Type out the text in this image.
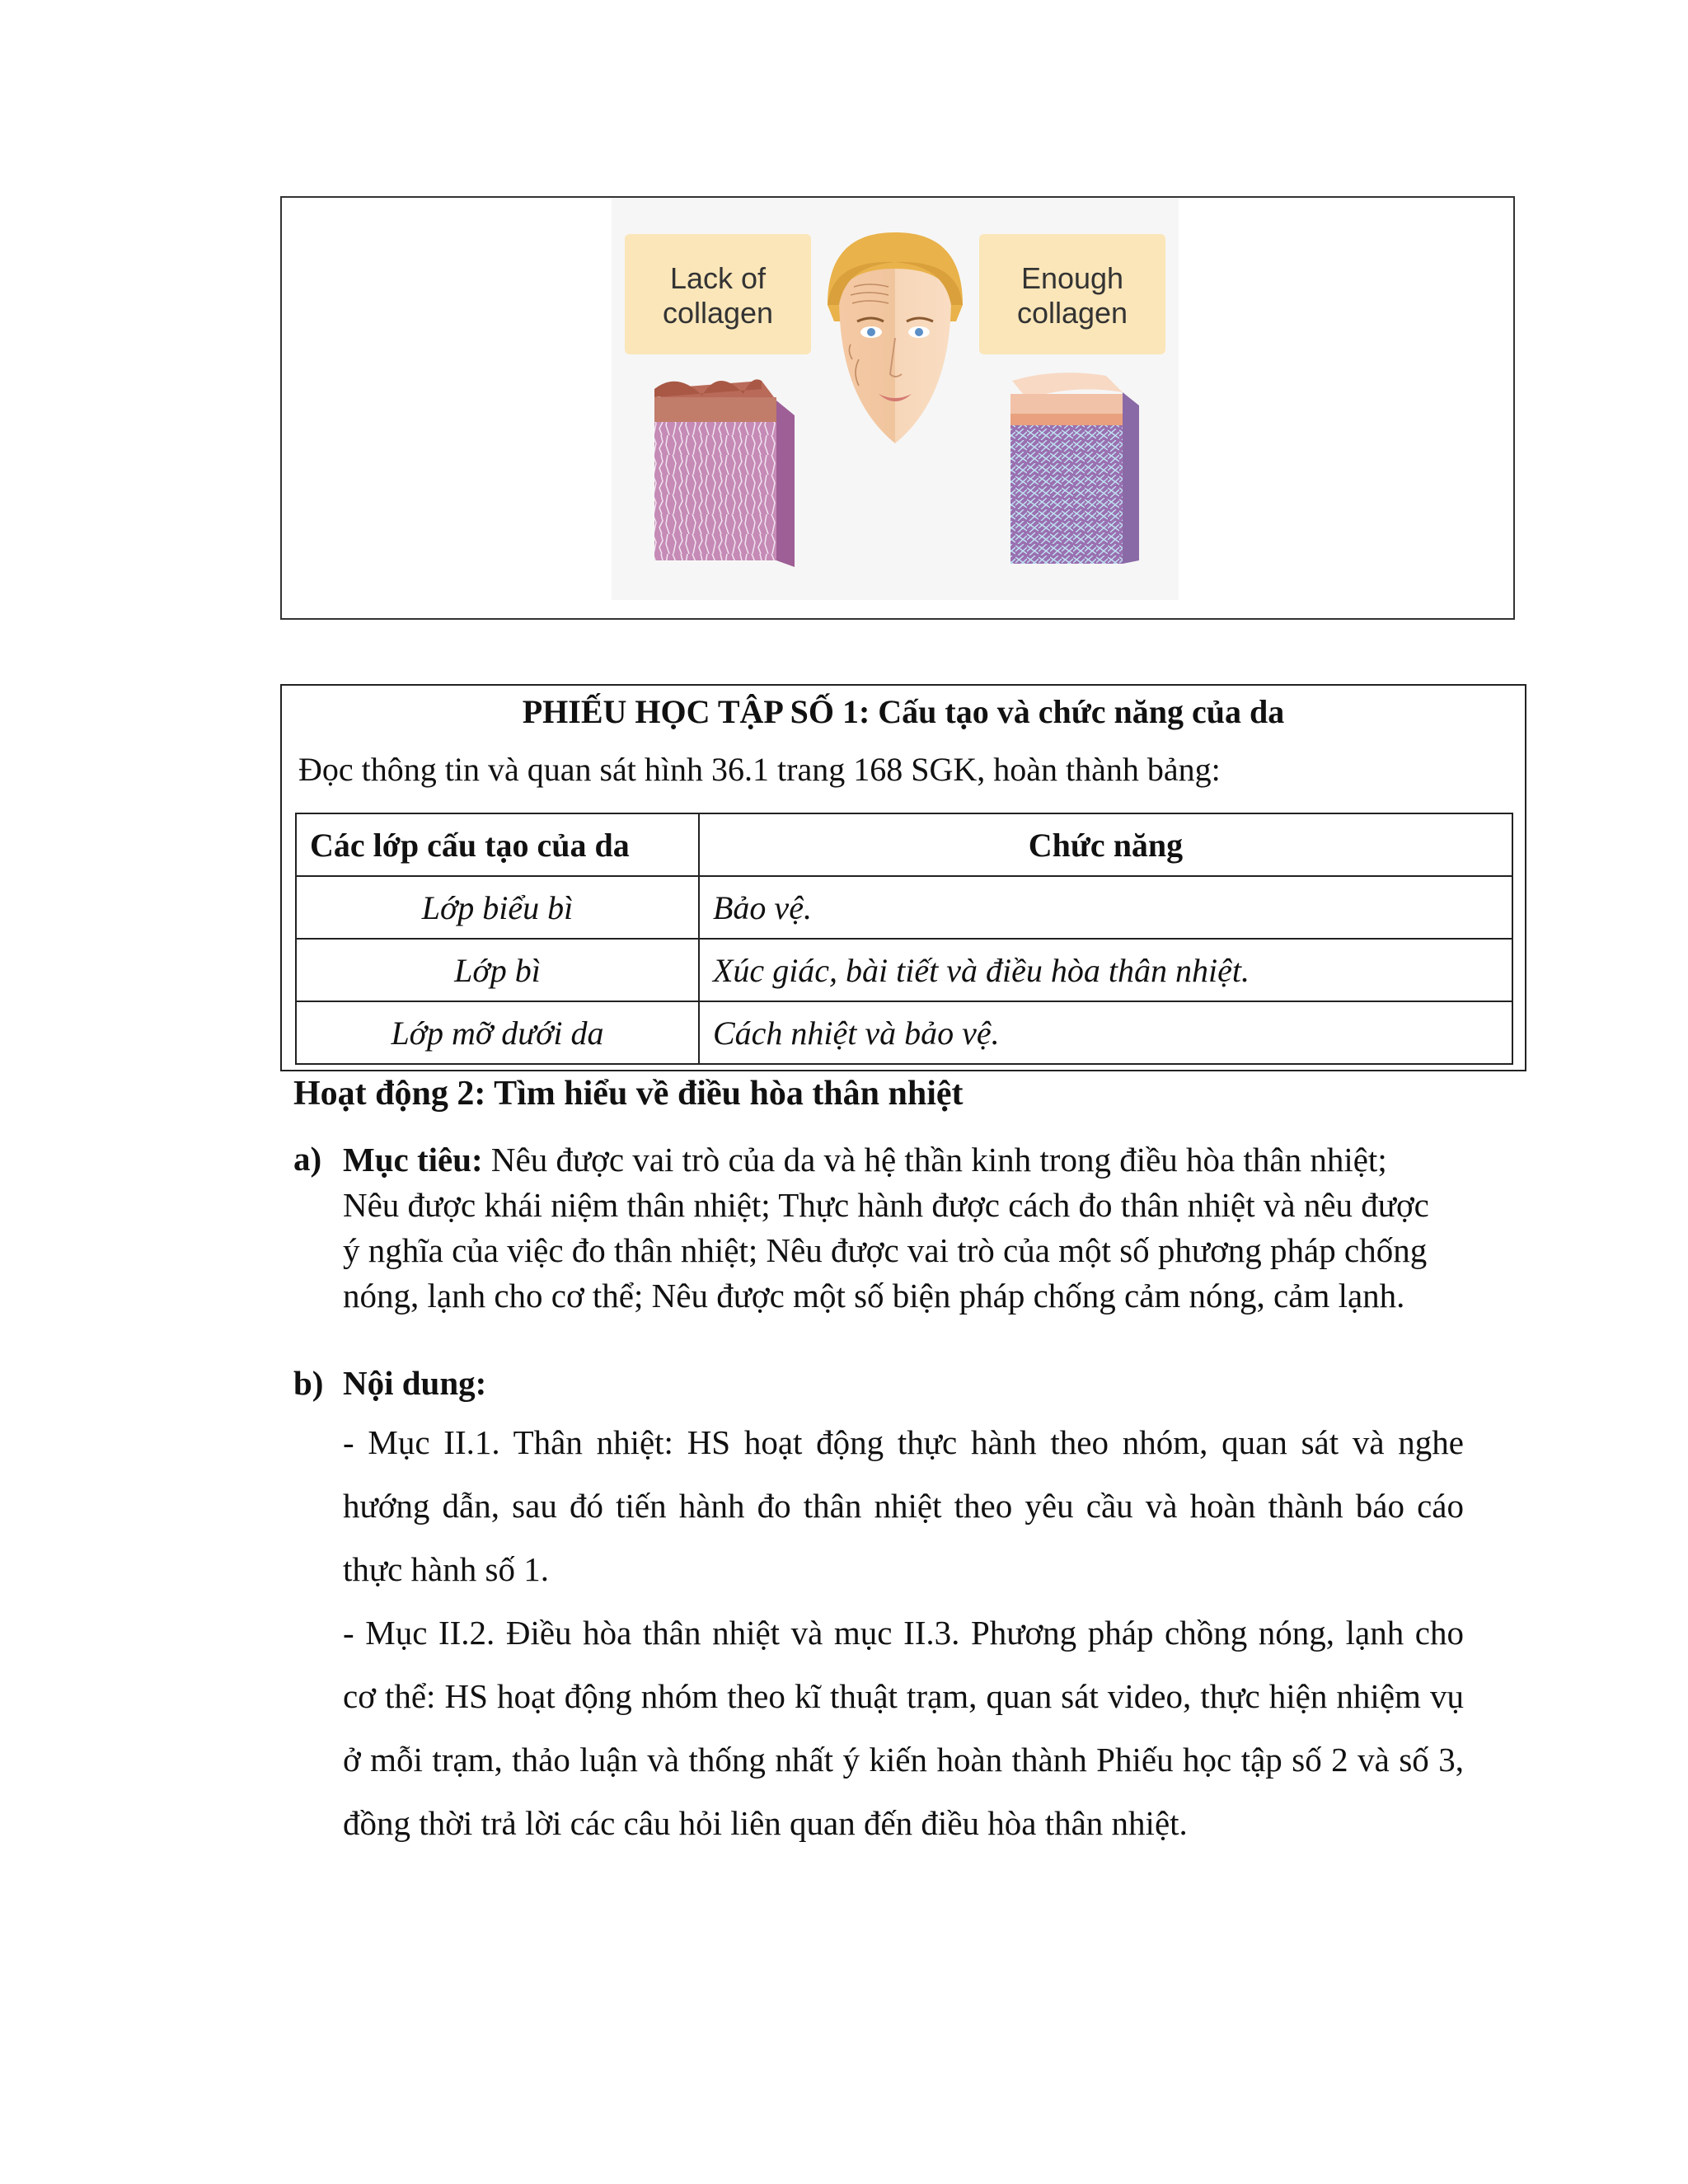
Lack of
collagen
Enough
collagen
PHIẾU HỌC TẬP SỐ 1: Cấu tạo và chức năng của da
Đọc thông tin và quan sát hình 36.1 trang 168 SGK, hoàn thành bảng:
Các lớp cấu tạo của da	Chức năng
Lớp biểu bì	Bảo vệ.
Lớp bì	Xúc giác, bài tiết và điều hòa thân nhiệt.
Lớp mỡ dưới da	Cách nhiệt và bảo vệ.
Hoạt động 2: Tìm hiểu về điều hòa thân nhiệt
a) Mục tiêu: Nêu được vai trò của da và hệ thần kinh trong điều hòa thân nhiệt; Nêu được khái niệm thân nhiệt; Thực hành được cách đo thân nhiệt và nêu được ý nghĩa của việc đo thân nhiệt; Nêu được vai trò của một số phương pháp chống nóng, lạnh cho cơ thể; Nêu được một số biện pháp chống cảm nóng, cảm lạnh.
b) Nội dung:
- Mục II.1. Thân nhiệt: HS hoạt động thực hành theo nhóm, quan sát và nghe hướng dẫn, sau đó tiến hành đo thân nhiệt theo yêu cầu và hoàn thành báo cáo thực hành số 1.
- Mục II.2. Điều hòa thân nhiệt và mục II.3. Phương pháp chồng nóng, lạnh cho cơ thể: HS hoạt động nhóm theo kĩ thuật trạm, quan sát video, thực hiện nhiệm vụ ở mỗi trạm, thảo luận và thống nhất ý kiến hoàn thành Phiếu học tập số 2 và số 3, đồng thời trả lời các câu hỏi liên quan đến điều hòa thân nhiệt.
